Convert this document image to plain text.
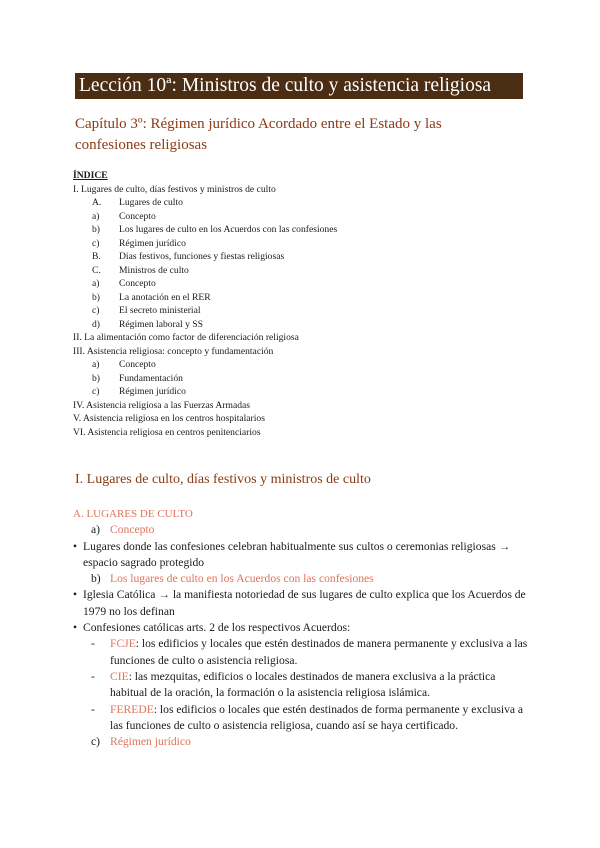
Lección 10ª: Ministros de culto y asistencia religiosa
Capítulo 3º: Régimen jurídico Acordado entre el Estado y las confesiones religiosas
ÍNDICE
I. Lugares de culto, días festivos y ministros de culto
A. Lugares de culto
a) Concepto
b) Los lugares de culto en los Acuerdos con las confesiones
c) Régimen jurídico
B. Días festivos, funciones y fiestas religiosas
C. Ministros de culto
a) Concepto
b) La anotación en el RER
c) El secreto ministerial
d) Régimen laboral y SS
II. La alimentación como factor de diferenciación religiosa
III. Asistencia religiosa: concepto y fundamentación
a) Concepto
b) Fundamentación
c) Régimen jurídico
IV. Asistencia religiosa a las Fuerzas Armadas
V. Asistencia religiosa en los centros hospitalarios
VI. Asistencia religiosa en centros penitenciarios
I. Lugares de culto, días festivos y ministros de culto
A. LUGARES DE CULTO
a) Concepto
• Lugares donde las confesiones celebran habitualmente sus cultos o ceremonias religiosas → espacio sagrado protegido
b) Los lugares de culto en los Acuerdos con las confesiones
• Iglesia Católica → la manifiesta notoriedad de sus lugares de culto explica que los Acuerdos de 1979 no los definan
• Confesiones católicas arts. 2 de los respectivos Acuerdos:
- FCJE: los edificios y locales que estén destinados de manera permanente y exclusiva a las funciones de culto o asistencia religiosa.
- CIE: las mezquitas, edificios o locales destinados de manera exclusiva a la práctica habitual de la oración, la formación o la asistencia religiosa islámica.
- FEREDE: los edificios o locales que estén destinados de forma permanente y exclusiva a las funciones de culto o asistencia religiosa, cuando así se haya certificado.
c) Régimen jurídico
